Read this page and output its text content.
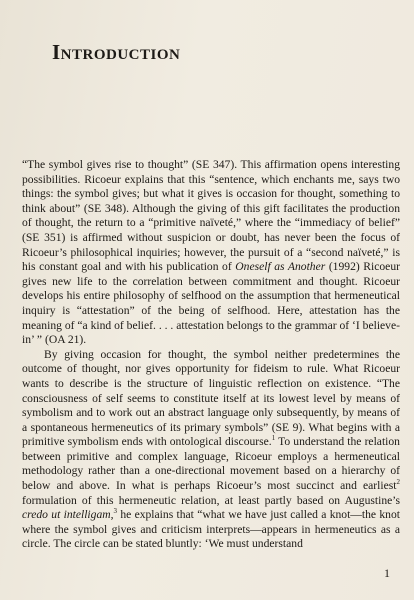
Introduction

“The symbol gives rise to thought” (SE 347). This affirmation opens interesting possibilities. Ricoeur explains that this “sentence, which enchants me, says two things: the symbol gives; but what it gives is occasion for thought, something to think about” (SE 348). Although the giving of this gift facilitates the production of thought, the return to a “primitive naïveté,” where the “immediacy of belief” (SE 351) is affirmed without suspicion or doubt, has never been the focus of Ricoeur’s philosophical inquiries; however, the pursuit of a “second naïveté,” is his constant goal and with his publication of Oneself as Another (1992) Ricoeur gives new life to the correlation between commitment and thought. Ricoeur develops his entire philosophy of selfhood on the assumption that hermeneutical inquiry is “attestation” of the being of selfhood. Here, attestation has the meaning of “a kind of belief. . . . attestation belongs to the grammar of ‘I believe-in’ ” (OA 21).

By giving occasion for thought, the symbol neither predetermines the outcome of thought, nor gives opportunity for fideism to rule. What Ricoeur wants to describe is the structure of linguistic reflection on existence. “The consciousness of self seems to constitute itself at its lowest level by means of symbolism and to work out an abstract language only subsequently, by means of a spontaneous hermeneutics of its primary symbols” (SE 9). What begins with a primitive symbolism ends with ontological discourse.$^1$ To understand the relation between primitive and complex language, Ricoeur employs a hermeneutical methodology rather than a one-directional movement based on a hierarchy of below and above. In what is perhaps Ricoeur’s most succinct and earliest$^2$ formulation of this hermeneutic relation, at least partly based on Augustine’s credo ut intelligam,$^3$ he explains that “what we have just called a knot—the knot where the symbol gives and criticism interprets—appears in hermeneutics as a circle. The circle can be stated bluntly: ‘We must understand

1
